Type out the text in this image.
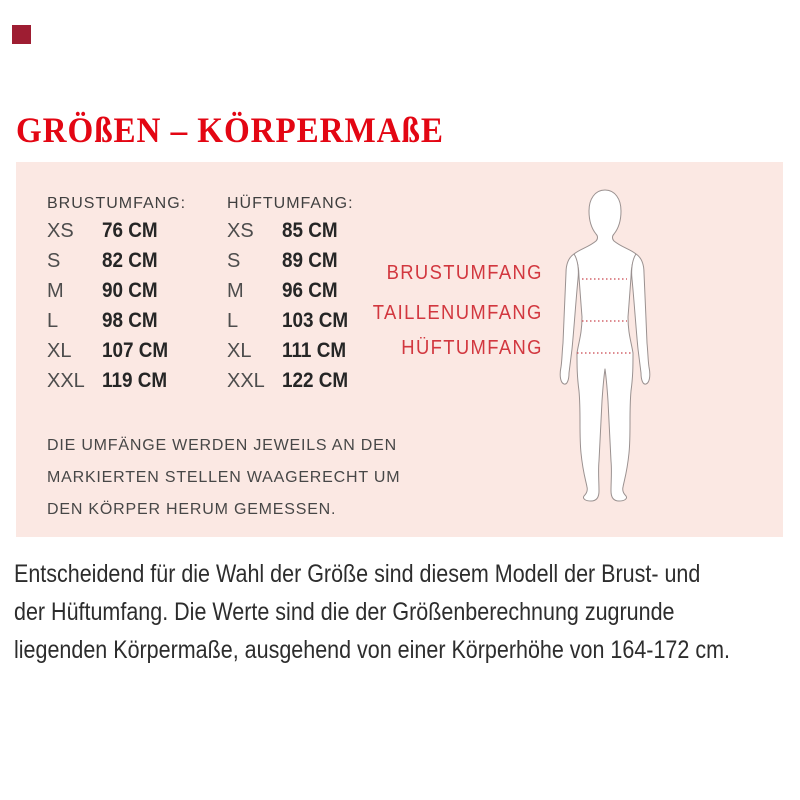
GRÖßEN – KÖRPERMAßE
BRUSTUMFANG:
XS	76 CM
S	82 CM
M	90 CM
L	98 CM
XL	107 CM
XXL 119 CM
HÜFTUMFANG:
XS	85 CM
S	89 CM
M	96 CM
L	103 CM
XL	111 CM
XXL 122 CM
DIE UMFÄNGE WERDEN JEWEILS AN DEN
MARKIERTEN STELLEN WAAGERECHT UM
DEN KÖRPER HERUM GEMESSEN.
BRUSTUMFANG
TAILLENUMFANG
HÜFTUMFANG
Entscheidend für die Wahl der Größe sind diesem Modell der Brust- und
der Hüftumfang. Die Werte sind die der Größenberechnung zugrunde
liegenden Körpermaße, ausgehend von einer Körperhöhe von 164-172 cm.
